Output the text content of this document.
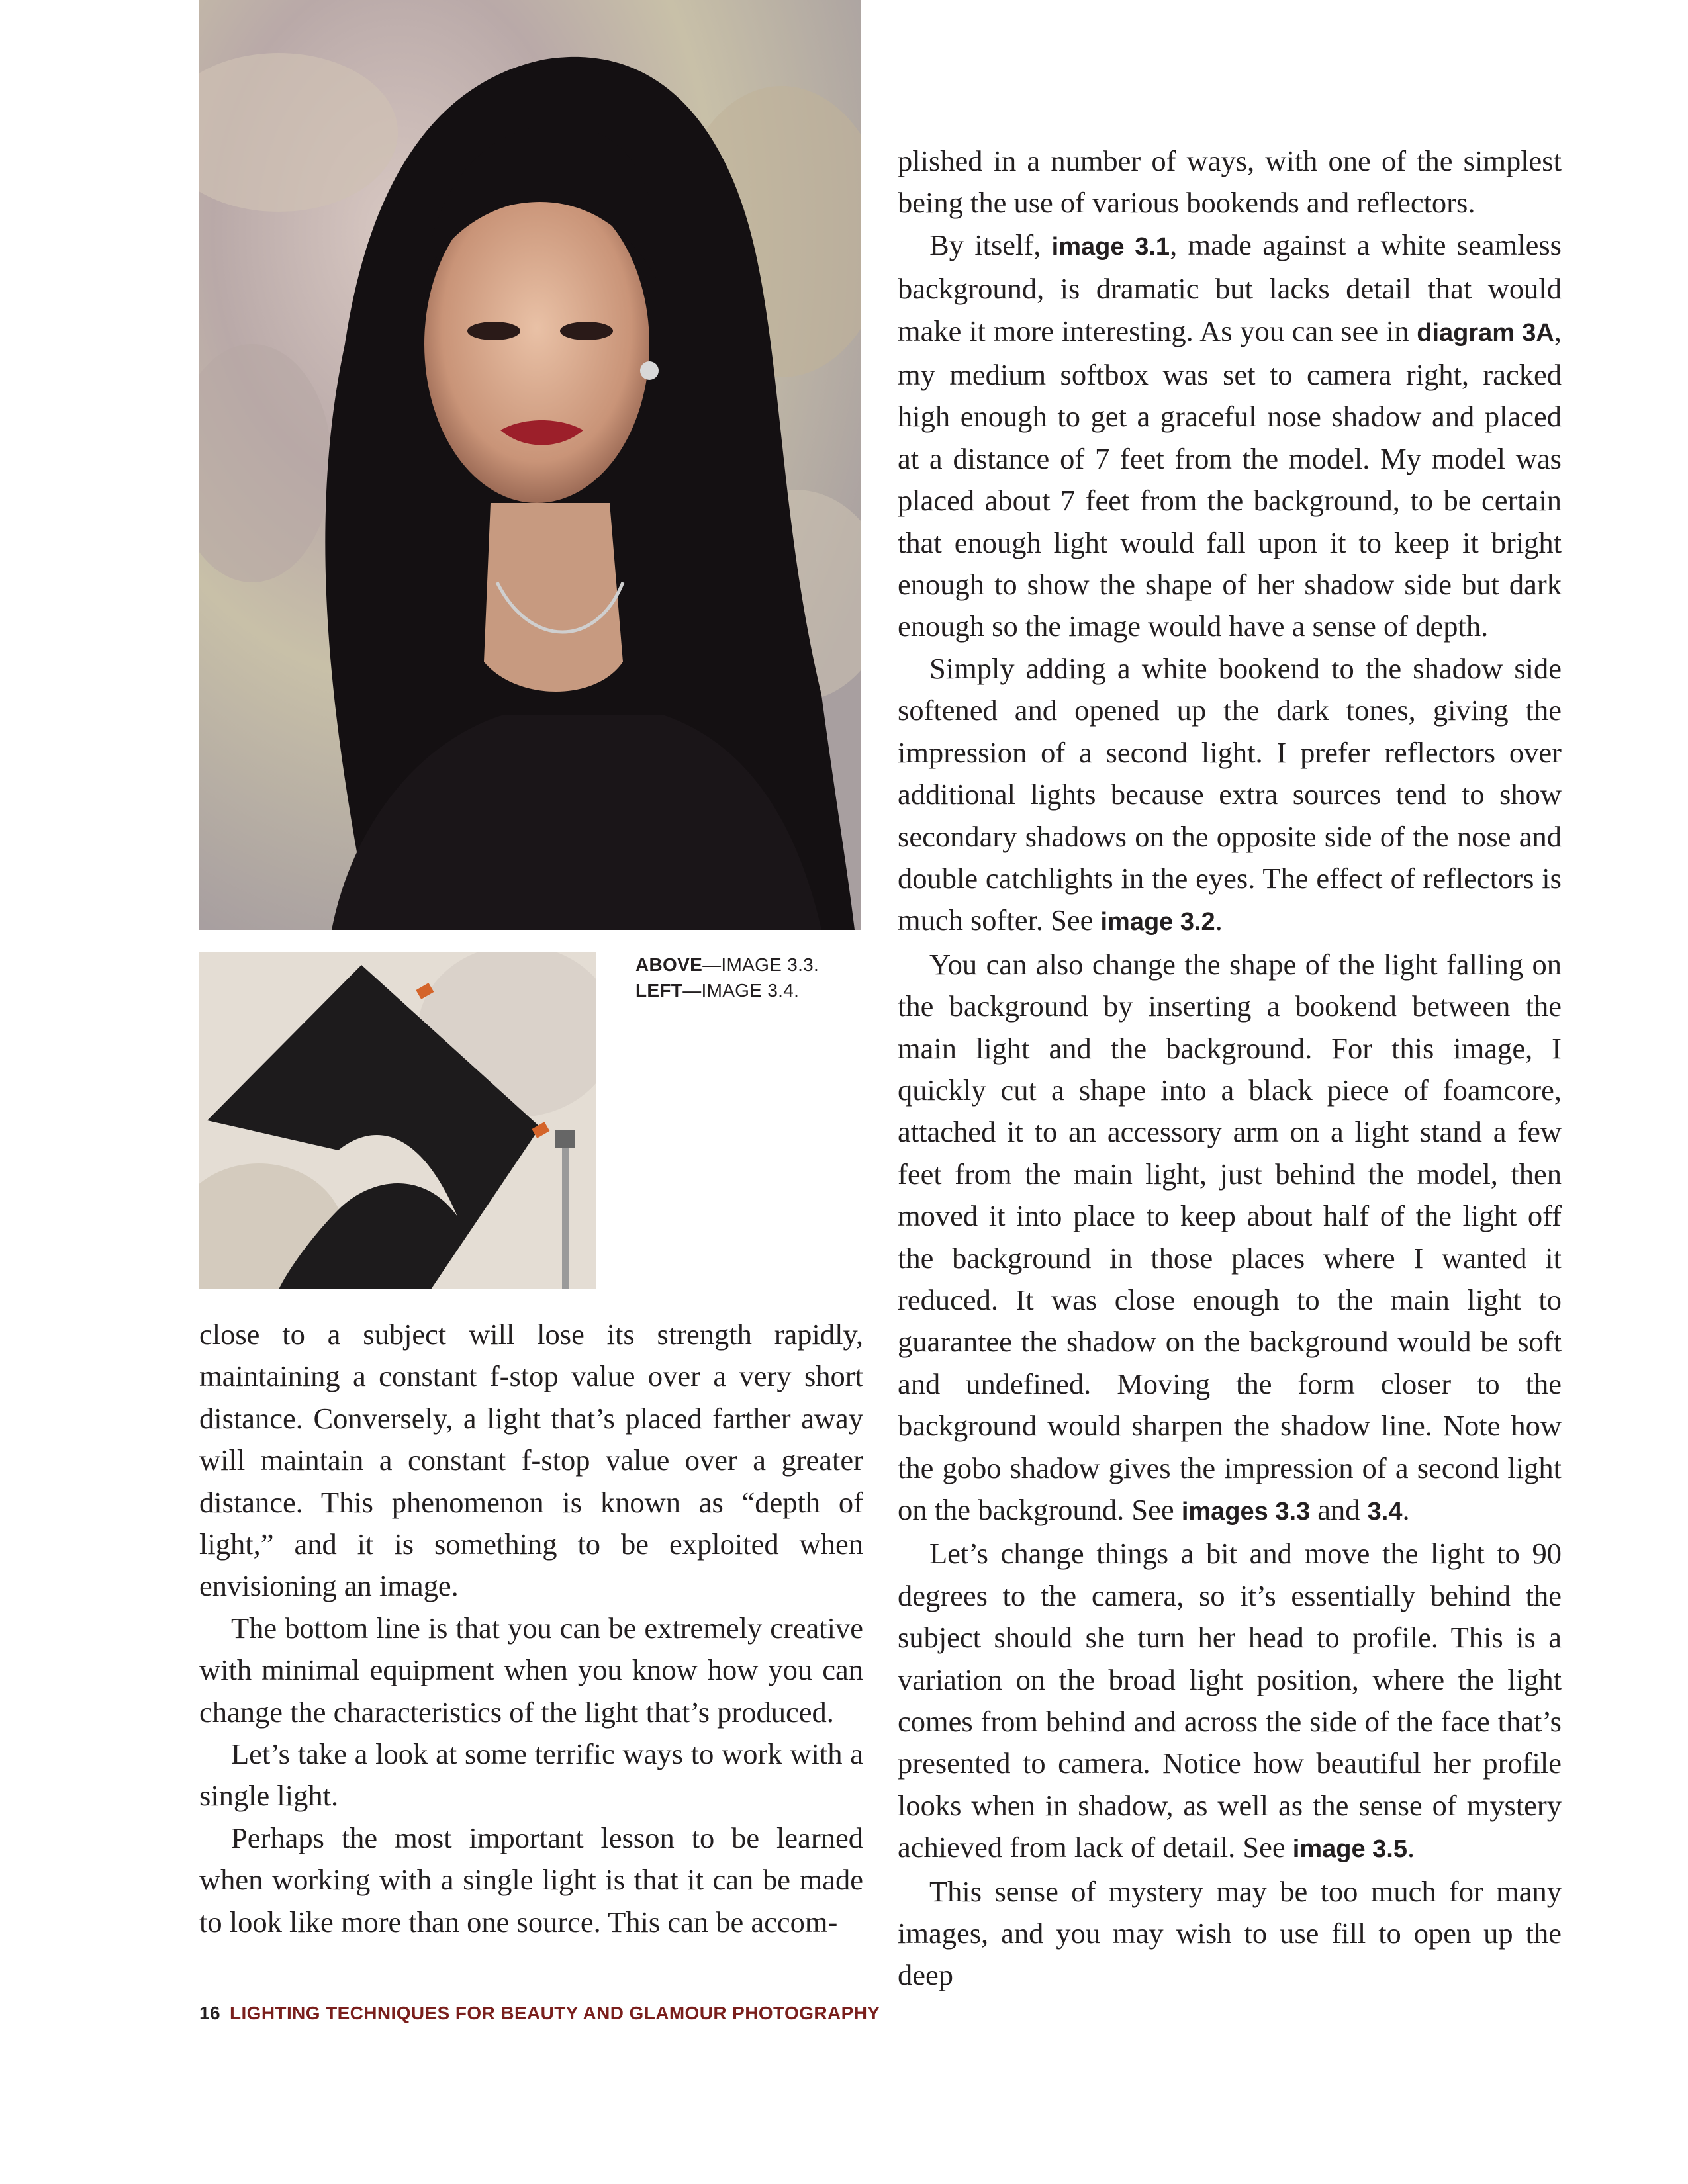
ABOVE—IMAGE 3.3.
LEFT—IMAGE 3.4.

close to a subject will lose its strength rapidly, maintaining a constant f-stop value over a very short distance. Conversely, a light that’s placed farther away will maintain a constant f-stop value over a greater distance. This phenomenon is known as “depth of light,” and it is something to be exploited when envisioning an image.

The bottom line is that you can be extremely creative with minimal equipment when you know how you can change the characteristics of the light that’s produced.

Let’s take a look at some terrific ways to work with a single light.

Perhaps the most important lesson to be learned when working with a single light is that it can be made to look like more than one source. This can be accom-

plished in a number of ways, with one of the simplest being the use of various bookends and reflectors.

By itself, image 3.1, made against a white seamless background, is dramatic but lacks detail that would make it more interesting. As you can see in diagram 3A, my medium softbox was set to camera right, racked high enough to get a graceful nose shadow and placed at a distance of 7 feet from the model. My model was placed about 7 feet from the background, to be certain that enough light would fall upon it to keep it bright enough to show the shape of her shadow side but dark enough so the image would have a sense of depth.

Simply adding a white bookend to the shadow side softened and opened up the dark tones, giving the impression of a second light. I prefer reflectors over additional lights because extra sources tend to show secondary shadows on the opposite side of the nose and double catchlights in the eyes. The effect of reflectors is much softer. See image 3.2.

You can also change the shape of the light falling on the background by inserting a bookend between the main light and the background. For this image, I quickly cut a shape into a black piece of foamcore, attached it to an accessory arm on a light stand a few feet from the main light, just behind the model, then moved it into place to keep about half of the light off the background in those places where I wanted it reduced. It was close enough to the main light to guarantee the shadow on the background would be soft and undefined. Moving the form closer to the background would sharpen the shadow line. Note how the gobo shadow gives the impression of a second light on the background. See images 3.3 and 3.4.

Let’s change things a bit and move the light to 90 degrees to the camera, so it’s essentially behind the subject should she turn her head to profile. This is a variation on the broad light position, where the light comes from behind and across the side of the face that’s presented to camera. Notice how beautiful her profile looks when in shadow, as well as the sense of mystery achieved from lack of detail. See image 3.5.

This sense of mystery may be too much for many images, and you may wish to use fill to open up the deep

16 LIGHTING TECHNIQUES FOR BEAUTY AND GLAMOUR PHOTOGRAPHY
